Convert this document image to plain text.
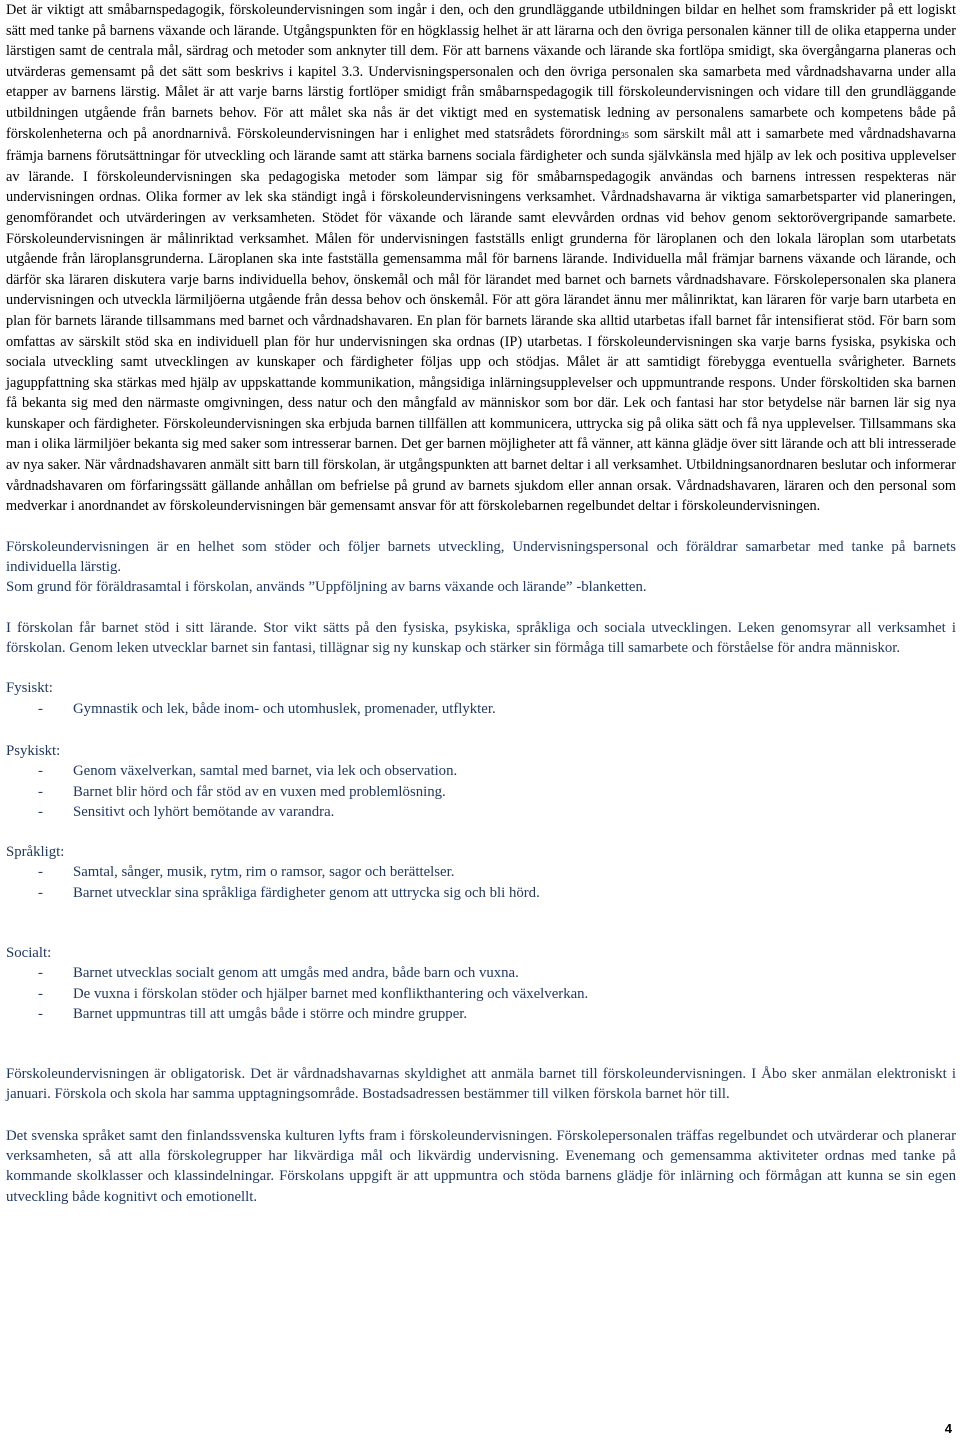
Det är viktigt att småbarnspedagogik, förskoleundervisningen som ingår i den, och den grundläggande utbildningen bildar en helhet som framskrider på ett logiskt sätt med tanke på barnens växande och lärande. Utgångspunkten för en högklassig helhet är att lärarna och den övriga personalen känner till de olika etapperna under lärstigen samt de centrala mål, särdrag och metoder som anknyter till dem. För att barnens växande och lärande ska fortlöpa smidigt, ska övergångarna planeras och utvärderas gemensamt på det sätt som beskrivs i kapitel 3.3. Undervisningspersonalen och den övriga personalen ska samarbeta med vårdnadshavarna under alla etapper av barnens lärstig. Målet är att varje barns lärstig fortlöper smidigt från småbarnspedagogik till förskoleundervisningen och vidare till den grundläggande utbildningen utgående från barnets behov. För att målet ska nås är det viktigt med en systematisk ledning av personalens samarbete och kompetens både på förskolenheterna och på anordnarnivå. Förskoleundervisningen har i enlighet med statsrådets förordning35 som särskilt mål att i samarbete med vårdnadshavarna främja barnens förutsättningar för utveckling och lärande samt att stärka barnens sociala färdigheter och sunda självkänsla med hjälp av lek och positiva upplevelser av lärande. I förskoleundervisningen ska pedagogiska metoder som lämpar sig för småbarnspedagogik användas och barnens intressen respekteras när undervisningen ordnas. Olika former av lek ska ständigt ingå i förskoleundervisningens verksamhet. Vårdnadshavarna är viktiga samarbetsparter vid planeringen, genomförandet och utvärderingen av verksamheten. Stödet för växande och lärande samt elevvården ordnas vid behov genom sektorövergripande samarbete. Förskoleundervisningen är målinriktad verksamhet. Målen för undervisningen fastställs enligt grunderna för läroplanen och den lokala läroplan som utarbetats utgående från läroplansgrunderna. Läroplanen ska inte fastställa gemensamma mål för barnens lärande. Individuella mål främjar barnens växande och lärande, och därför ska läraren diskutera varje barns individuella behov, önskemål och mål för lärandet med barnet och barnets vårdnadshavare. Förskolepersonalen ska planera undervisningen och utveckla lärmiljöerna utgående från dessa behov och önskemål. För att göra lärandet ännu mer målinriktat, kan läraren för varje barn utarbeta en plan för barnets lärande tillsammans med barnet och vårdnadshavaren. En plan för barnets lärande ska alltid utarbetas ifall barnet får intensifierat stöd. För barn som omfattas av särskilt stöd ska en individuell plan för hur undervisningen ska ordnas (IP) utarbetas. I förskoleundervisningen ska varje barns fysiska, psykiska och sociala utveckling samt utvecklingen av kunskaper och färdigheter följas upp och stödjas. Målet är att samtidigt förebygga eventuella svårigheter. Barnets jaguppfattning ska stärkas med hjälp av uppskattande kommunikation, mångsidiga inlärningsupplevelser och uppmuntrande respons. Under förskoltiden ska barnen få bekanta sig med den närmaste omgivningen, dess natur och den mångfald av människor som bor där. Lek och fantasi har stor betydelse när barnen lär sig nya kunskaper och färdigheter. Förskoleundervisningen ska erbjuda barnen tillfällen att kommunicera, uttrycka sig på olika sätt och få nya upplevelser. Tillsammans ska man i olika lärmiljöer bekanta sig med saker som intresserar barnen. Det ger barnen möjligheter att få vänner, att känna glädje över sitt lärande och att bli intresserade av nya saker. När vårdnadshavaren anmält sitt barn till förskolan, är utgångspunkten att barnet deltar i all verksamhet. Utbildningsanordnaren beslutar och informerar vårdnadshavaren om förfaringssätt gällande anhållan om befrielse på grund av barnets sjukdom eller annan orsak. Vårdnadshavaren, läraren och den personal som medverkar i anordnandet av förskoleundervisningen bär gemensamt ansvar för att förskolebarnen regelbundet deltar i förskoleundervisningen.

Förskoleundervisningen är en helhet som stöder och följer barnets utveckling, Undervisningspersonal och föräldrar samarbetar med tanke på barnets individuella lärstig.

Som grund för föräldrasamtal i förskolan, används ”Uppföljning av barns växande och lärande” -blanketten.

I förskolan får barnet stöd i sitt lärande. Stor vikt sätts på den fysiska, psykiska, språkliga och sociala utvecklingen. Leken genomsyrar all verksamhet i förskolan. Genom leken utvecklar barnet sin fantasi, tillägnar sig ny kunskap och stärker sin förmåga till samarbete och förståelse för andra människor.

Fysiskt:

- Gymnastik och lek, både inom- och utomhuslek, promenader, utflykter.

Psykiskt:

- Genom växelverkan, samtal med barnet, via lek och observation.
- Barnet blir hörd och får stöd av en vuxen med problemlösning.
- Sensitivt och lyhört bemötande av varandra.

Språkligt:

- Samtal, sånger, musik, rytm, rim o ramsor, sagor och berättelser.
- Barnet utvecklar sina språkliga färdigheter genom att uttrycka sig och bli hörd.

Socialt:

- Barnet utvecklas socialt genom att umgås med andra, både barn och vuxna.
- De vuxna i förskolan stöder och hjälper barnet med konflikthantering och växelverkan.
- Barnet uppmuntras till att umgås både i större och mindre grupper.

Förskoleundervisningen är obligatorisk. Det är vårdnadshavarnas skyldighet att anmäla barnet till förskoleundervisningen. I Åbo sker anmälan elektroniskt i januari. Förskola och skola har samma upptagningsområde. Bostadsadressen bestämmer till vilken förskola barnet hör till.

Det svenska språket samt den finlandssvenska kulturen lyfts fram i förskoleundervisningen. Förskolepersonalen träffas regelbundet och utvärderar och planerar verksamheten, så att alla förskolegrupper har likvärdiga mål och likvärdig undervisning. Evenemang och gemensamma aktiviteter ordnas med tanke på kommande skolklasser och klassindelningar. Förskolans uppgift är att uppmuntra och stöda barnens glädje för inlärning och förmågan att kunna se sin egen utveckling både kognitivt och emotionellt.

4
